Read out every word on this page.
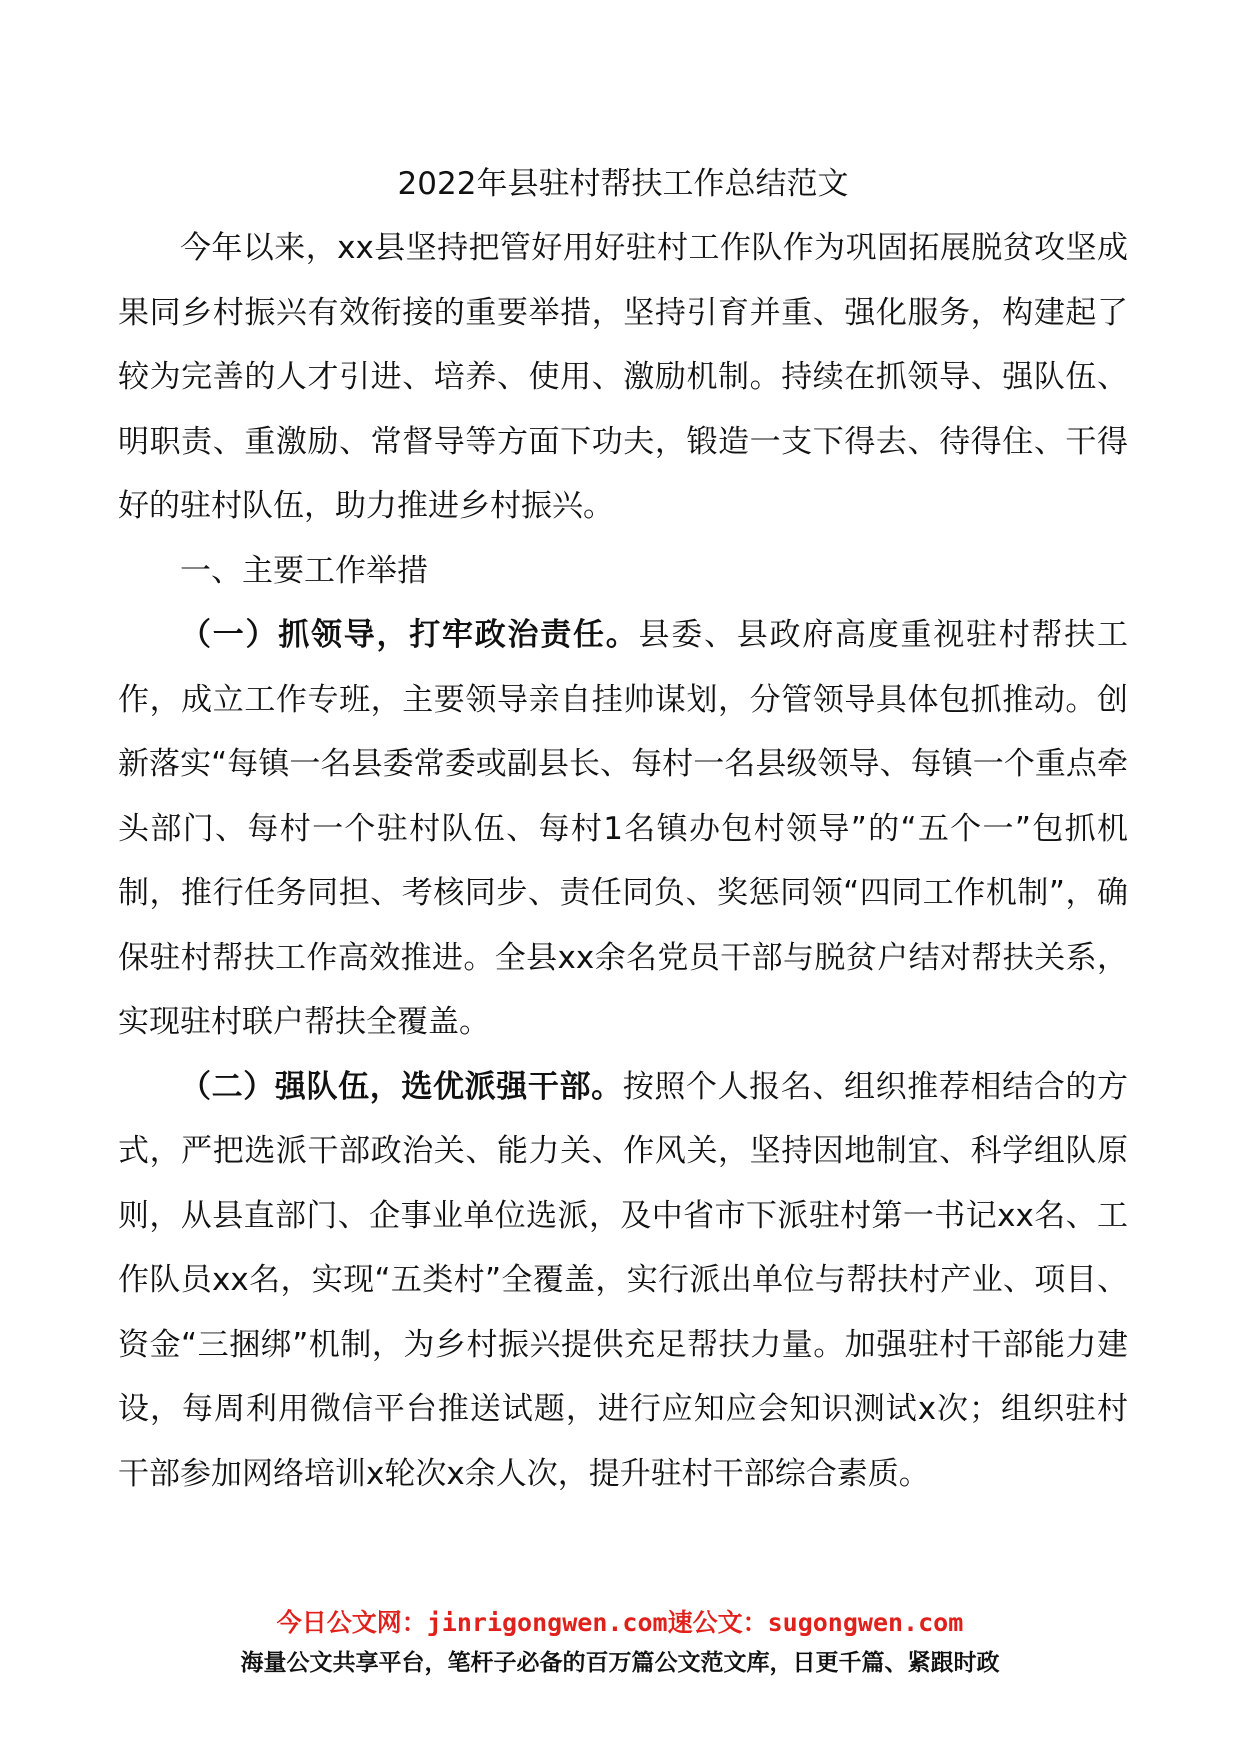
2022年县驻村帮扶工作总结范文

今年以来，xx县坚持把管好用好驻村工作队作为巩固拓展脱贫攻坚成果同乡村振兴有效衔接的重要举措，坚持引育并重、强化服务，构建起了较为完善的人才引进、培养、使用、激励机制。持续在抓领导、强队伍、明职责、重激励、常督导等方面下功夫，锻造一支下得去、待得住、干得好的驻村队伍，助力推进乡村振兴。

一、主要工作举措

（一）抓领导，打牢政治责任。县委、县政府高度重视驻村帮扶工作，成立工作专班，主要领导亲自挂帅谋划，分管领导具体包抓推动。创新落实“每镇一名县委常委或副县长、每村一名县级领导、每镇一个重点牵头部门、每村一个驻村队伍、每村1名镇办包村领导”的“五个一”包抓机制，推行任务同担、考核同步、责任同负、奖惩同领“四同工作机制”，确保驻村帮扶工作高效推进。全县xx余名党员干部与脱贫户结对帮扶关系，实现驻村联户帮扶全覆盖。

（二）强队伍，选优派强干部。按照个人报名、组织推荐相结合的方式，严把选派干部政治关、能力关、作风关，坚持因地制宜、科学组队原则，从县直部门、企事业单位选派，及中省市下派驻村第一书记xx名、工作队员xx名，实现“五类村”全覆盖，实行派出单位与帮扶村产业、项目、资金“三捆绑”机制，为乡村振兴提供充足帮扶力量。加强驻村干部能力建设，每周利用微信平台推送试题，进行应知应会知识测试x次；组织驻村干部参加网络培训x轮次x余人次，提升驻村干部综合素质。

今日公文网：jinrigongwen.com速公文：sugongwen.com
海量公文共享平台，笔杆子必备的百万篇公文范文库，日更千篇、紧跟时政
